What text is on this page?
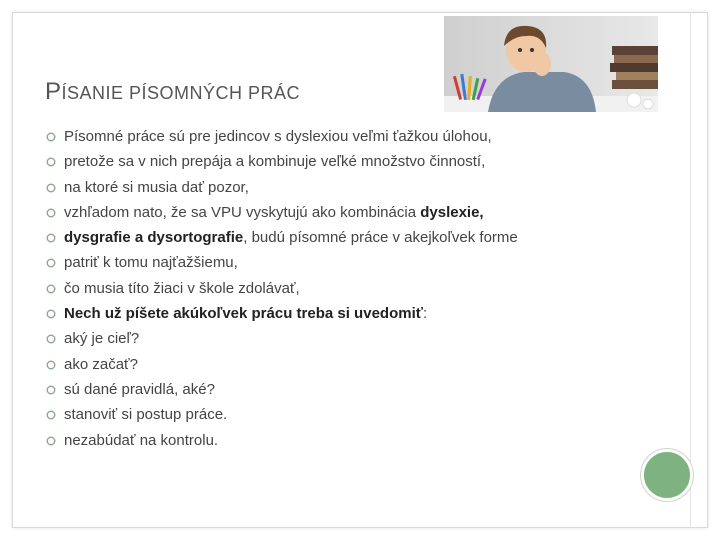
PÍSANIE PÍSOMNÝCH PRÁC
Písomné práce sú pre jedincov s dyslexiou veľmi ťažkou úlohou,
pretože sa v nich prepája a kombinuje veľké množstvo činností,
na ktoré si musia dať pozor,
vzhľadom nato, že sa VPU vyskytujú ako kombinácia dyslexie,
dysgrafie a dysortografie, budú písomné práce v akejkoľvek forme
patriť k tomu najťažšiemu,
čo musia títo žiaci v škole zdolávať,
Nech už píšete akúkoľvek prácu treba si uvedomiť:
aký je cieľ?
ako začať?
sú dané pravidlá, aké?
stanoviť si postup práce.
nezabúdať na kontrolu.
